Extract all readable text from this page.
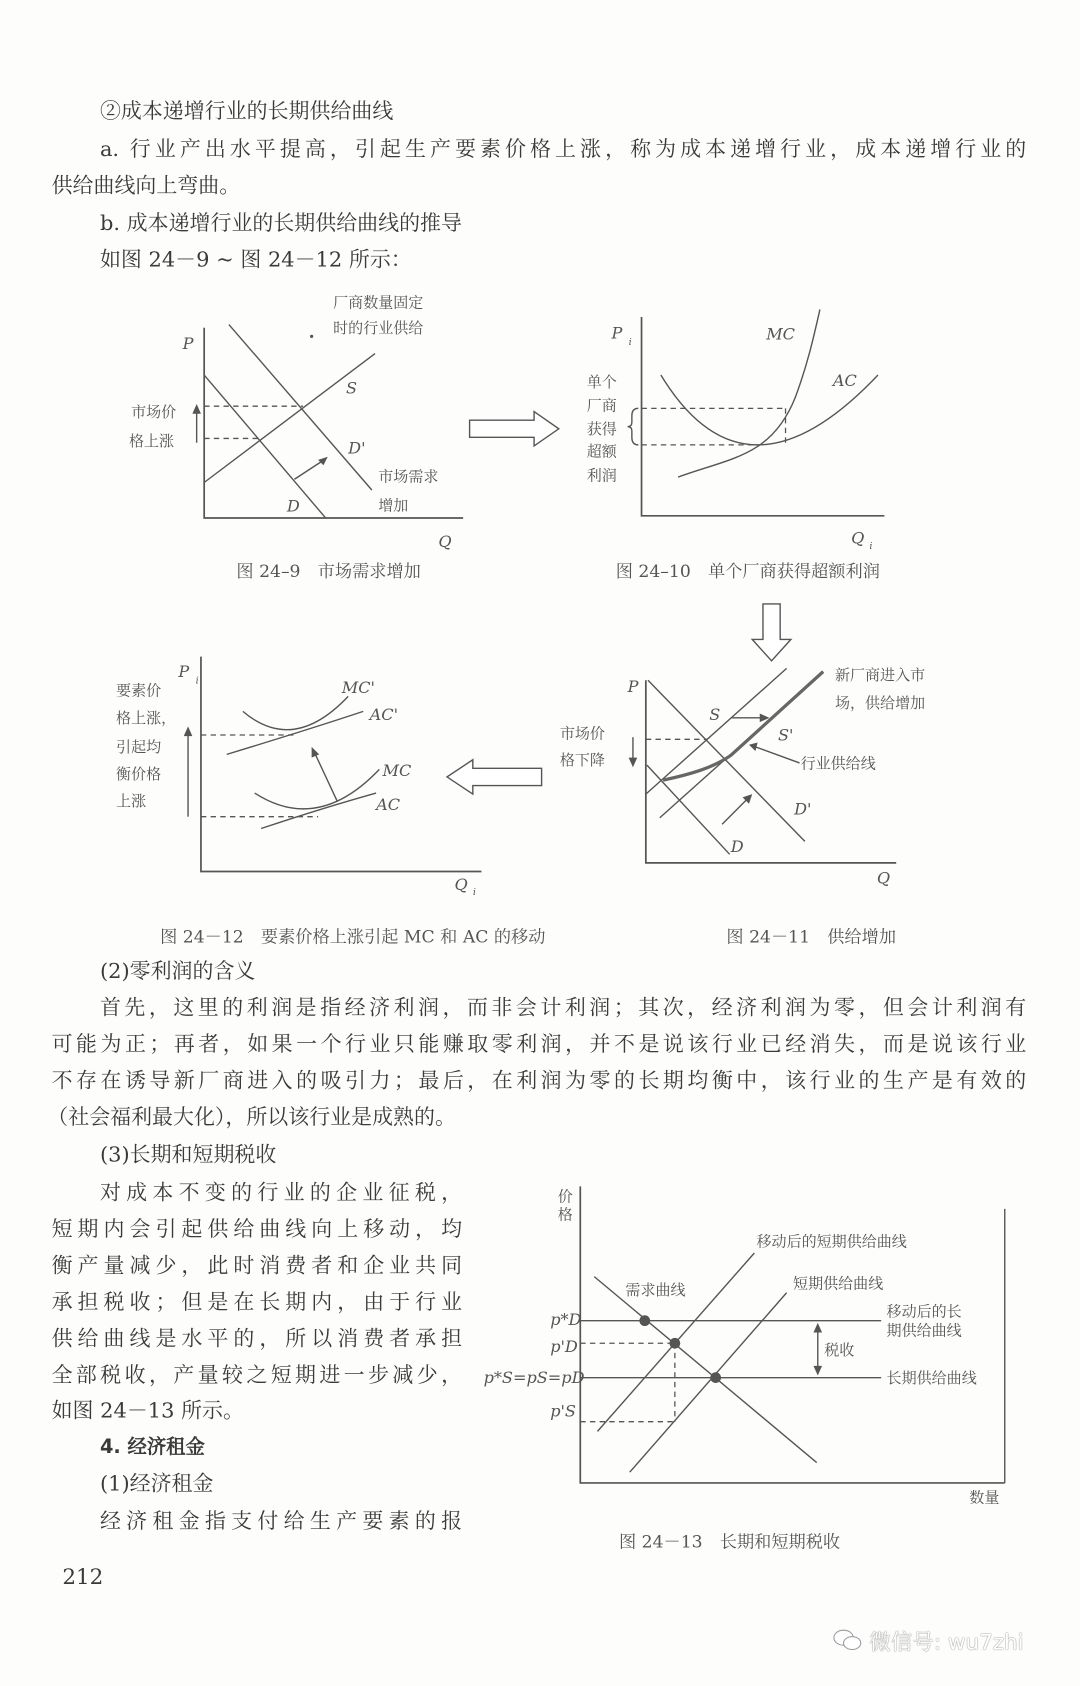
②成本递增行业的长期供给曲线
a. 行业产出水平提高，引起生产要素价格上涨，称为成本递增行业，成本递增行业的
供给曲线向上弯曲。
b. 成本递增行业的长期供给曲线的推导
如图 24－9 ~ 图 24－12 所示：
P
Q
S
D'
D
厂商数量固定
时的行业供给
市场价
格上涨
市场需求
增加
P i
Q i
MC
AC
单个
厂商
获得
超额
利润
P
Q
S
S'
D'
D
新厂商进入市
场，供给增加
市场价
格下降	行业供给线
P i
Q i
MC'
AC'
MC
AC
要素价
格上涨，
引起均
衡价格
上涨
价
格
数量
移动后的短期供给曲线
需求曲线	短期供给曲线
移动后的长
期供给曲线
税收
长期供给曲线
p*D
p'D
p*S=pS=pD
p'S
图 24–9　市场需求增加	图 24–10　单个厂商获得超额利润
图 24－12　要素价格上涨引起 MC 和 AC 的移动	图 24－11　供给增加
图 24－13　长期和短期税收
(2)零利润的含义
首先，这里的利润是指经济利润，而非会计利润；其次，经济利润为零，但会计利润有
可能为正；再者，如果一个行业只能赚取零利润，并不是说该行业已经消失，而是说该行业
不存在诱导新厂商进入的吸引力；最后，在利润为零的长期均衡中，该行业的生产是有效的
（社会福利最大化），所以该行业是成熟的。
(3)长期和短期税收
对成本不变的行业的企业征税，
短期内会引起供给曲线向上移动，均
衡产量减少，此时消费者和企业共同
承担税收；但是在长期内，由于行业
供给曲线是水平的，所以消费者承担
全部税收，产量较之短期进一步减少，
如图 24－13 所示。
4. 经济租金
(1)经济租金
经济租金指支付给生产要素的报
212
微信号: wu7zhi
